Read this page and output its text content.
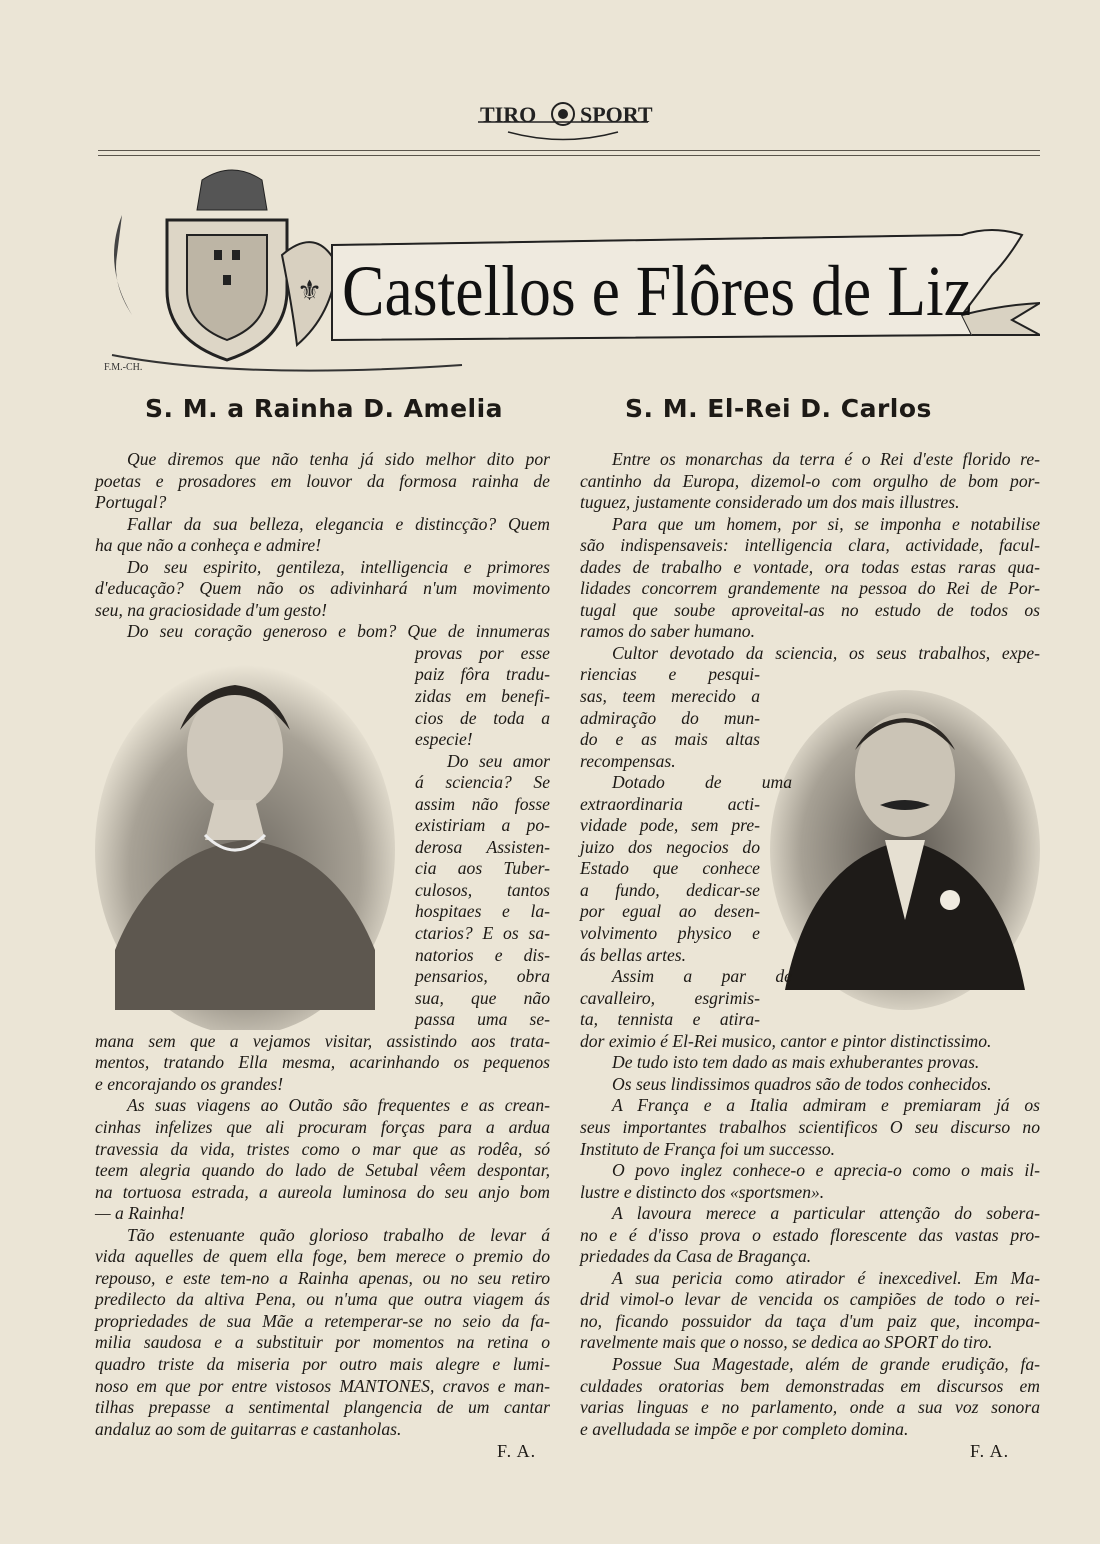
TIRO SPORT
⚜ Castellos e Flôres de Liz
F.M.-CH.
S. M. a Rainha D. Amelia	S. M. El-Rei D. Carlos
Que diremos que não tenha já sido melhor dito por
poetas e prosadores em louvor da formosa rainha de
Portugal?
Fallar da sua belleza, elegancia e distincção? Quem
ha que não a conheça e admire!
Do seu espirito, gentileza, intelligencia e primores
d'educação? Quem não os adivinhará n'um movimento
seu, na graciosidade d'um gesto!
Do seu coração generoso e bom? Que de innumeras
provas por esse
paiz fôra tradu-
zidas em benefi-
cios de toda a
especie!
Do seu amor
á sciencia? Se
assim não fosse
existiriam a po-
derosa Assisten-
cia aos Tuber-
culosos, tantos
hospitaes e la-
ctarios? E os sa-
natorios e dis-
pensarios, obra
sua, que não
passa uma se-
mana sem que a vejamos visitar, assistindo aos trata-
mentos, tratando Ella mesma, acarinhando os pequenos
e encorajando os grandes!
As suas viagens ao Outão são frequentes e as crean-
cinhas infelizes que ali procuram forças para a ardua
travessia da vida, tristes como o mar que as rodêa, só
teem alegria quando do lado de Setubal vêem despontar,
na tortuosa estrada, a aureola luminosa do seu anjo bom
— a Rainha!
Tão estenuante quão glorioso trabalho de levar á
vida aquelles de quem ella foge, bem merece o premio do
repouso, e este tem-no a Rainha apenas, ou no seu retiro
predilecto da altiva Pena, ou n'uma que outra viagem ás
propriedades de sua Mãe a retemperar-se no seio da fa-
milia saudosa e a substituir por momentos na retina o
quadro triste da miseria por outro mais alegre e lumi-
noso em que por entre vistosos MANTONES, cravos e man-
tilhas prepasse a sentimental plangencia de um cantar
andaluz ao som de guitarras e castanholas.
Entre os monarchas da terra é o Rei d'este florido re-
cantinho da Europa, dizemol-o com orgulho de bom por-
tuguez, justamente considerado um dos mais illustres.
Para que um homem, por si, se imponha e notabilise
são indispensaveis: intelligencia clara, actividade, facul-
dades de trabalho e vontade, ora todas estas raras qua-
lidades concorrem grandemente na pessoa do Rei de Por-
tugal que soube aproveital-as no estudo de todos os
ramos do saber humano.
Cultor devotado da sciencia, os seus trabalhos, expe-
riencias e pesqui-
sas, teem merecido a
admiração do mun-
do e as mais altas
recompensas.
Dotado de uma
extraordinaria acti-
vidade pode, sem pre-
juizo dos negocios do
Estado que conhece
a fundo, dedicar-se
por egual ao desen-
volvimento physico e
ás bellas artes.
Assim a par de
cavalleiro, esgrimis-
ta, tennista e atira-
dor eximio é El-Rei musico, cantor e pintor distinctissimo.
De tudo isto tem dado as mais exhuberantes provas.
Os seus lindissimos quadros são de todos conhecidos.
A França e a Italia admiram e premiaram já os
seus importantes trabalhos scientificos O seu discurso no
Instituto de França foi um successo.
O povo inglez conhece-o e aprecia-o como o mais il-
lustre e distincto dos «sportsmen».
A lavoura merece a particular attenção do sobera-
no e é d'isso prova o estado florescente das vastas pro-
priedades da Casa de Bragança.
A sua pericia como atirador é inexcedivel. Em Ma-
drid vimol-o levar de vencida os campiões de todo o rei-
no, ficando possuidor da taça d'um paiz que, incompa-
ravelmente mais que o nosso, se dedica ao SPORT do tiro.
Possue Sua Magestade, além de grande erudição, fa-
culdades oratorias bem demonstradas em discursos em
varias linguas e no parlamento, onde a sua voz sonora
e avelludada se impõe e por completo domina.
F. A.	F. A.
